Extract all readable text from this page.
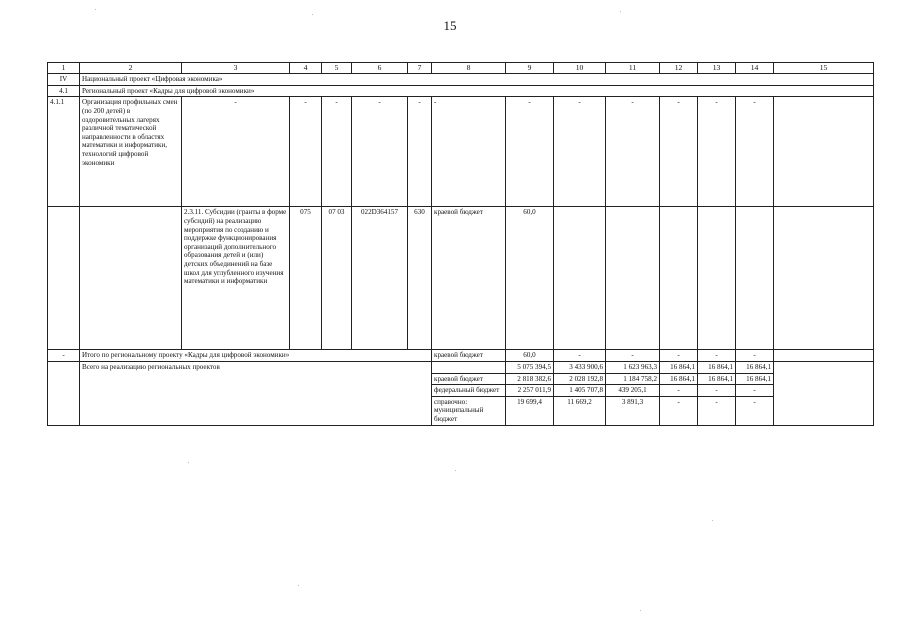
15
1	2	3	4	5	6	7	8	9	10	11	12	13	14	15
IV	Национальный проект «Цифровая экономика»													
4.1	Региональный проект «Кадры для цифровой экономики»													
4.1.1	Организация профильных смен (по 200 детей) в оздоровительных лагерях различной тематической направленности в областях математики и информатики, технологий цифровой экономики	-	-	-	-	-	-	-	-	-	-	-	-	
		2.3.11. Субсидии (гранты в форме субсидий) на реализацию мероприятия по созданию и поддержке функционирования организаций дополнительного образования детей и (или) детских объединений на базе школ для углубленного изучения математики и информатики	075	07 03	022D364157	630	краевой бюджет	60,0						
-	Итого по региональному проекту «Кадры для цифровой экономики»						краевой бюджет	60,0	-	-	-	-	-	
	Всего на реализацию региональных проектов							5 075 394,5	3 433 900,6	1 623 963,3	16 864,1	16 864,1	16 864,1	
							краевой бюджет	2 818 382,6	2 028 192,8	1 184 758,2	16 864,1	16 864,1	16 864,1	
							федеральный бюджет	2 257 011,9	1 405 707,8	439 205,1	-	-	-	
							справочно: муниципальный бюджет	19 699,4	11 669,2	3 891,3	-	-	-	
